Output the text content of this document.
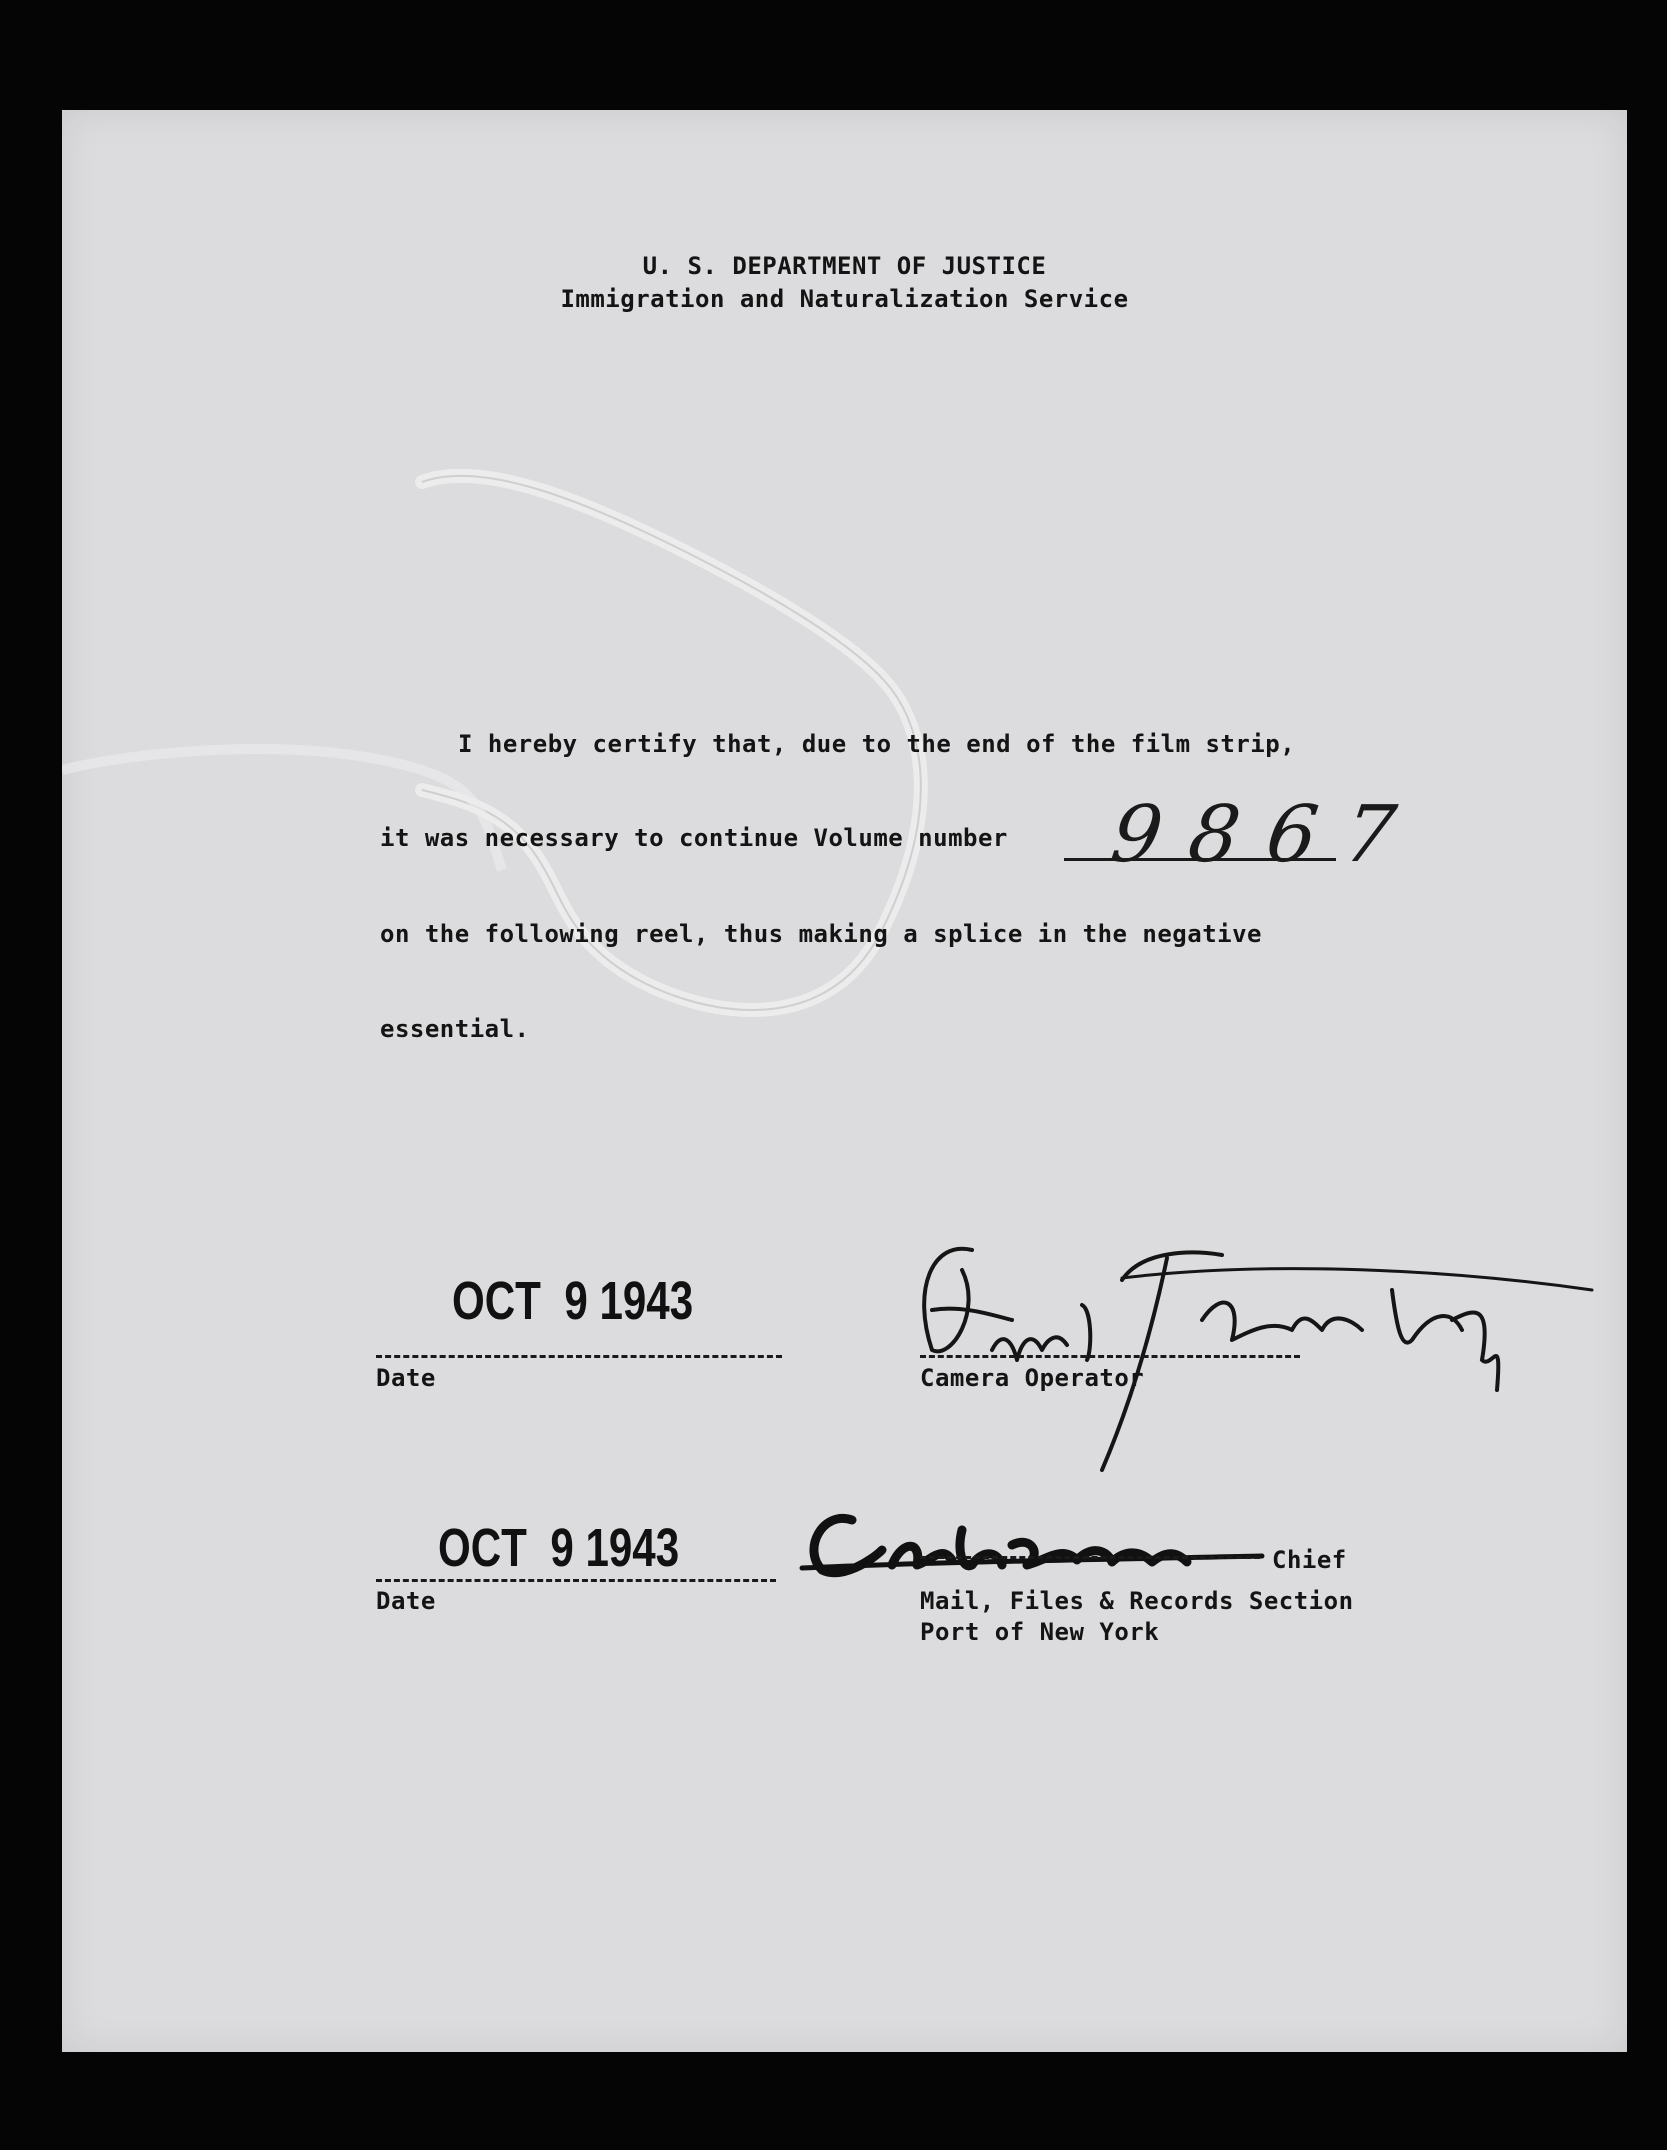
U. S. DEPARTMENT OF JUSTICE
Immigration and Naturalization Service
I hereby certify that, due to the end of the film strip,
it was necessary to continue Volume number 9867
on the following reel, thus making a splice in the negative
essential.
OCT  9 1943
Date	Camera Operator
OCT  9 1943
Date
Chief
Mail, Files & Records Section
Port of New York
